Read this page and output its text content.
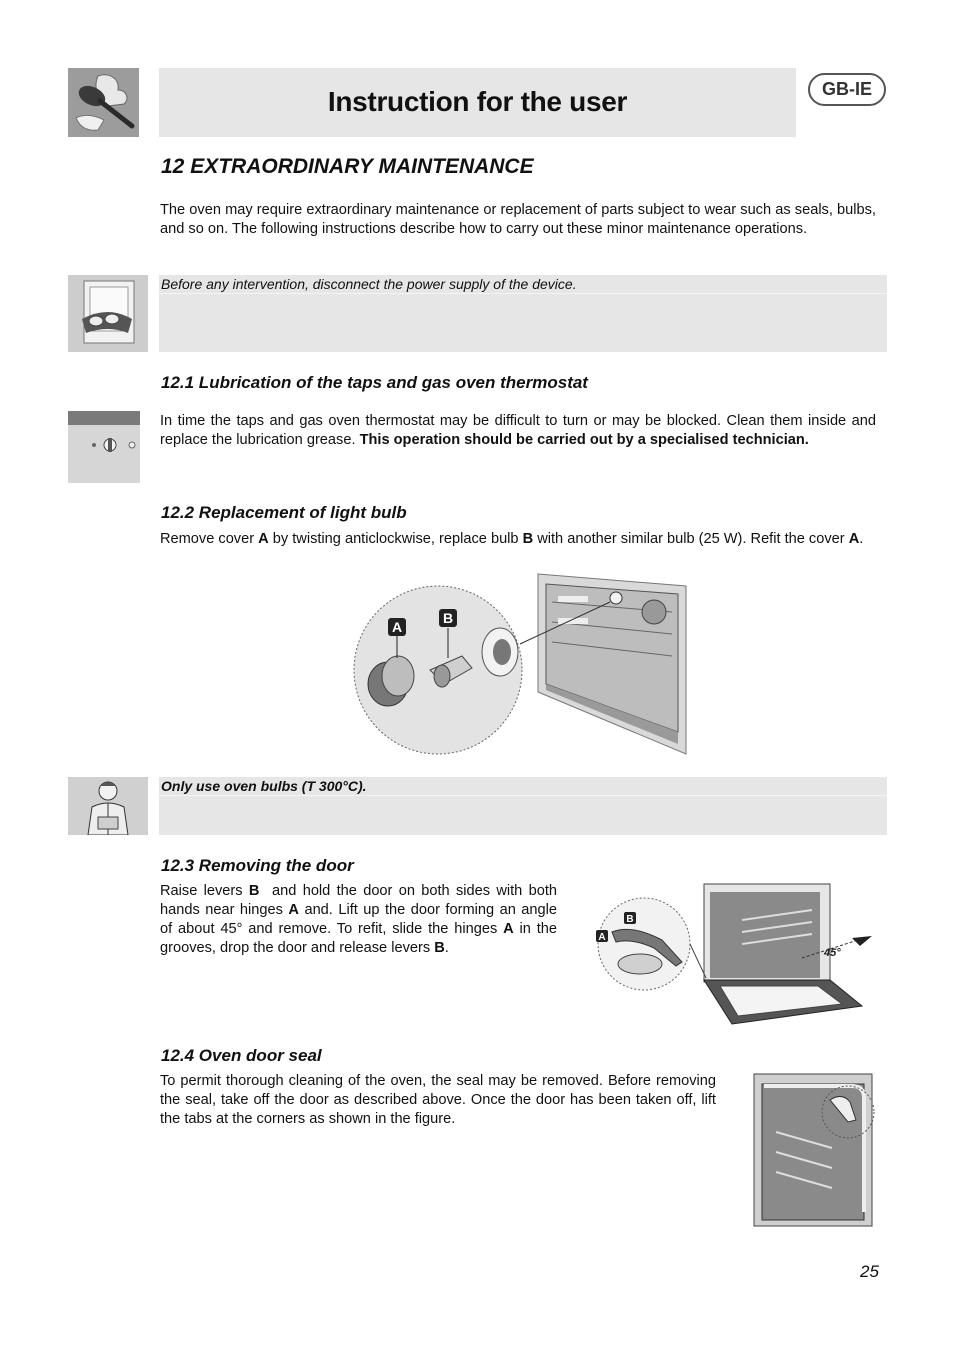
Instruction for the user	GB-IE
12 EXTRAORDINARY MAINTENANCE
The oven may require extraordinary maintenance or replacement of parts subject to wear such as seals, bulbs, and so on. The following instructions describe how to carry out these minor maintenance operations.
Before any intervention, disconnect the power supply of the device.
12.1 Lubrication of the taps and gas oven thermostat
In time the taps and gas oven thermostat may be difficult to turn or may be blocked. Clean them inside and replace the lubrication grease. This operation should be carried out by a specialised technician.
12.2 Replacement of light bulb
Remove cover A by twisting anticlockwise, replace bulb B with another similar bulb (25 W). Refit the cover A.
A
B
Only use oven bulbs (T 300°C).
12.3 Removing the door
Raise levers B and hold the door on both sides with both hands near hinges A and. Lift up the door forming an angle of about 45° and remove. To refit, slide the hinges A in the grooves, drop the door and release levers B.	45°
B
A
12.4 Oven door seal
To permit thorough cleaning of the oven, the seal may be removed. Before removing the seal, take off the door as described above. Once the door has been taken off, lift the tabs at the corners as shown in the figure.
25
